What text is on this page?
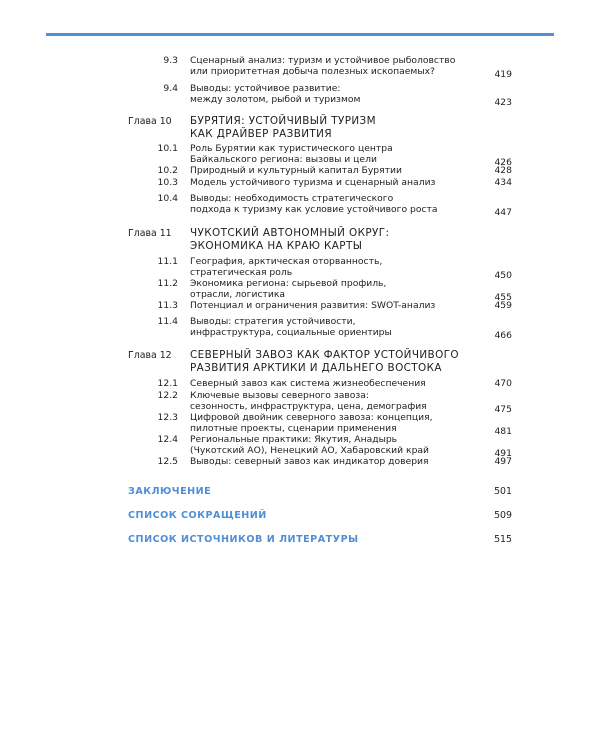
9.3 Сценарный анализ: туризм и устойчивое рыболовство
или приоритетная добыча полезных ископаемых?	419
9.4 Выводы: устойчивое развитие:
между золотом, рыбой и туризмом	423
Глава 10 БУРЯТИЯ: УСТОЙЧИВЫЙ ТУРИЗМ
КАК ДРАЙВЕР РАЗВИТИЯ
10.1 Роль Бурятии как туристического центра
Байкальского региона: вызовы и цели	426
10.2 Природный и культурный капитал Бурятии	428
10.3 Модель устойчивого туризма и сценарный анализ	434
10.4 Выводы: необходимость стратегического
подхода к туризму как условие устойчивого роста	447
Глава 11 ЧУКОТСКИЙ АВТОНОМНЫЙ ОКРУГ:
ЭКОНОМИКА НА КРАЮ КАРТЫ
11.1 География, арктическая оторванность,
стратегическая роль	450
11.2 Экономика региона: сырьевой профиль,
отрасли, логистика	455
11.3 Потенциал и ограничения развития: SWOT-анализ	459
11.4 Выводы: стратегия устойчивости,
инфраструктура, социальные ориентиры	466
Глава 12 СЕВЕРНЫЙ ЗАВОЗ КАК ФАКТОР УСТОЙЧИВОГО
РАЗВИТИЯ АРКТИКИ И ДАЛЬНЕГО ВОСТОКА
12.1 Северный завоз как система жизнеобеспечения	470
12.2 Ключевые вызовы северного завоза:
сезонность, инфраструктура, цена, демография	475
12.3 Цифровой двойник северного завоза: концепция,
пилотные проекты, сценарии применения	481
12.4 Региональные практики: Якутия, Анадырь
(Чукотский АО), Ненецкий АО, Хабаровский край	491
12.5 Выводы: северный завоз как индикатор доверия	497
ЗАКЛЮЧЕНИЕ	501
СПИСОК СОКРАЩЕНИЙ	509
СПИСОК ИСТОЧНИКОВ И ЛИТЕРАТУРЫ	515
